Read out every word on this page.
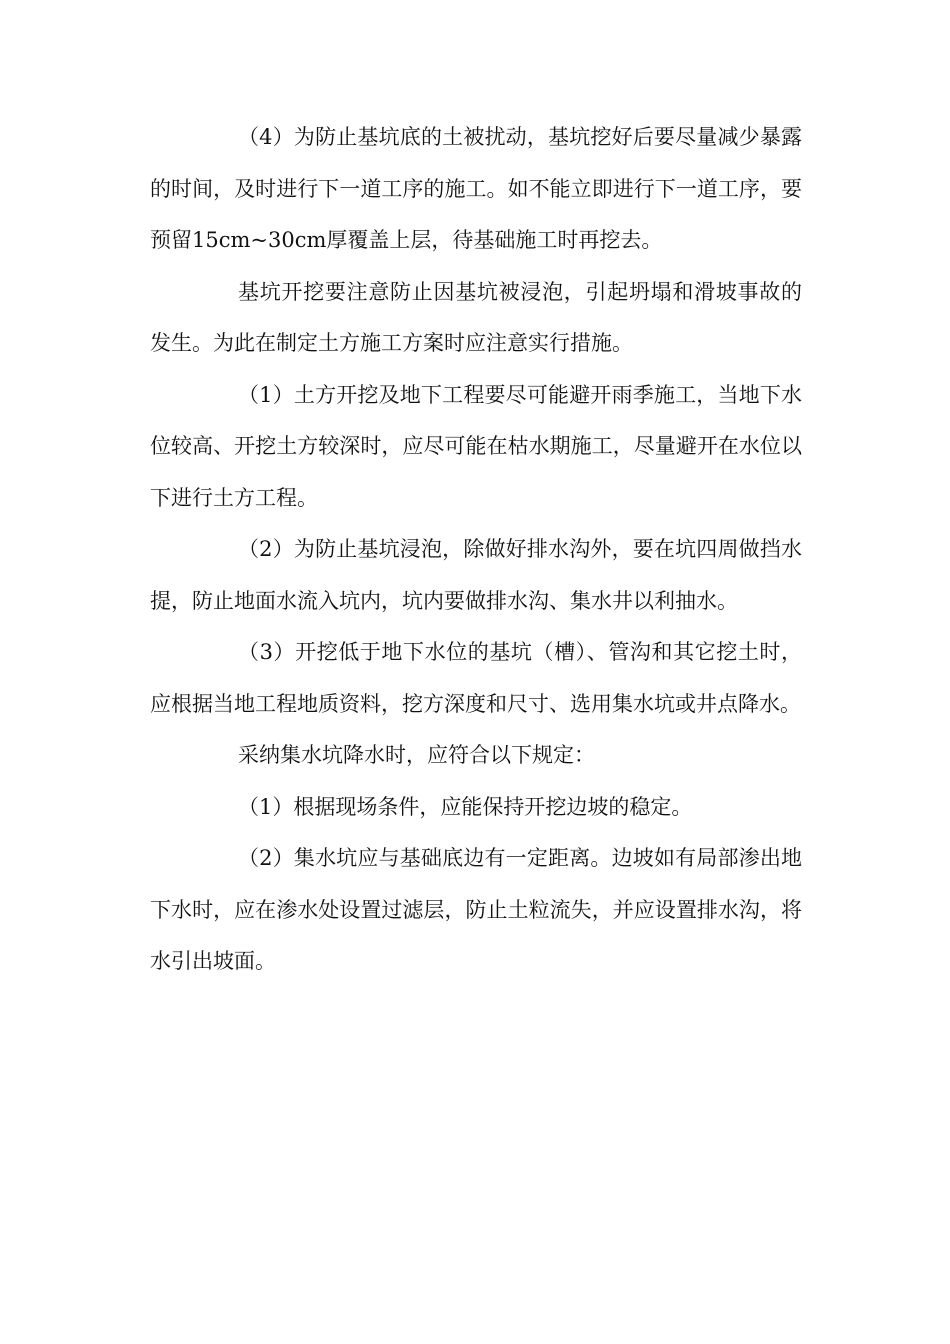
（4）为防止基坑底的土被扰动，基坑挖好后要尽量减少暴露的时间，及时进行下一道工序的施工。如不能立即进行下一道工序，要预留15cm~30cm厚覆盖上层，待基础施工时再挖去。

基坑开挖要注意防止因基坑被浸泡，引起坍塌和滑坡事故的发生。为此在制定土方施工方案时应注意实行措施。

（1）土方开挖及地下工程要尽可能避开雨季施工，当地下水位较高、开挖土方较深时，应尽可能在枯水期施工，尽量避开在水位以下进行土方工程。

（2）为防止基坑浸泡，除做好排水沟外，要在坑四周做挡水提，防止地面水流入坑内，坑内要做排水沟、集水井以利抽水。

（3）开挖低于地下水位的基坑（槽）、管沟和其它挖土时，应根据当地工程地质资料，挖方深度和尺寸、选用集水坑或井点降水。

采纳集水坑降水时，应符合以下规定：

（1）根据现场条件，应能保持开挖边坡的稳定。

（2）集水坑应与基础底边有一定距离。边坡如有局部渗出地下水时，应在渗水处设置过滤层，防止土粒流失，并应设置排水沟，将水引出坡面。
